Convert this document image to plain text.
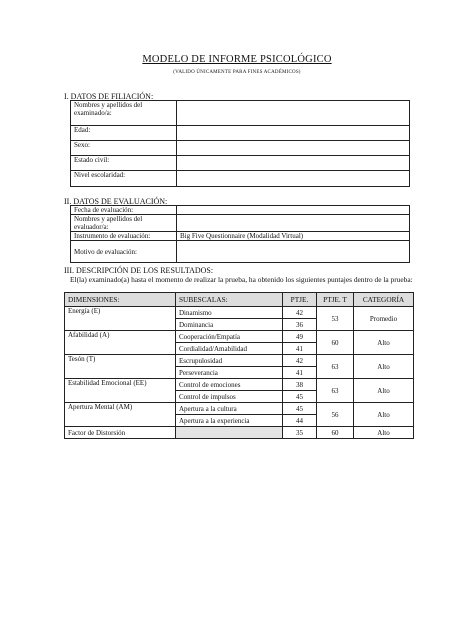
MODELO DE INFORME PSICOLÓGICO
(VALIDO ÚNICAMENTE PARA FINES ACADÉMICOS)
I. DATOS DE FILIACIÓN:
Nombres y apellidos del examinado/a:	
Edad:	
Sexo:	
Estado civil:	
Nivel escolaridad:	
II. DATOS DE EVALUACIÓN:
Fecha de evaluación:	
Nombres y apellidos del evaluador/a:	
Instrumento de evaluación:	Big Five Questionnaire (Modalidad Virtual)
Motivo de evaluación:	
III. DESCRIPCIÓN DE LOS RESULTADOS:
El(la) examinado(a) hasta el momento de realizar la prueba, ha obtenido los siguientes puntajes dentro de la prueba:
DIMENSIONES:	SUBESCALAS:	PTJE.	PTJE. T	CATEGORÍA
Energía (E)	Dinamismo	42	53	Promedio
	Dominancia	36		
Afabilidad (A)	Cooperación/Empatía	49	60	Alto
	Cordialidad/Amabilidad	41		
Tesón (T)	Escrupulosidad	42	63	Alto
	Perseverancia	41		
Estabilidad Emocional (EE)	Control de emociones	38	63	Alto
	Control de impulsos	45		
Apertura Mental (AM)	Apertura a la cultura	45	56	Alto
	Apertura a la experiencia	44		
Factor de Distorsión		35	60	Alto
